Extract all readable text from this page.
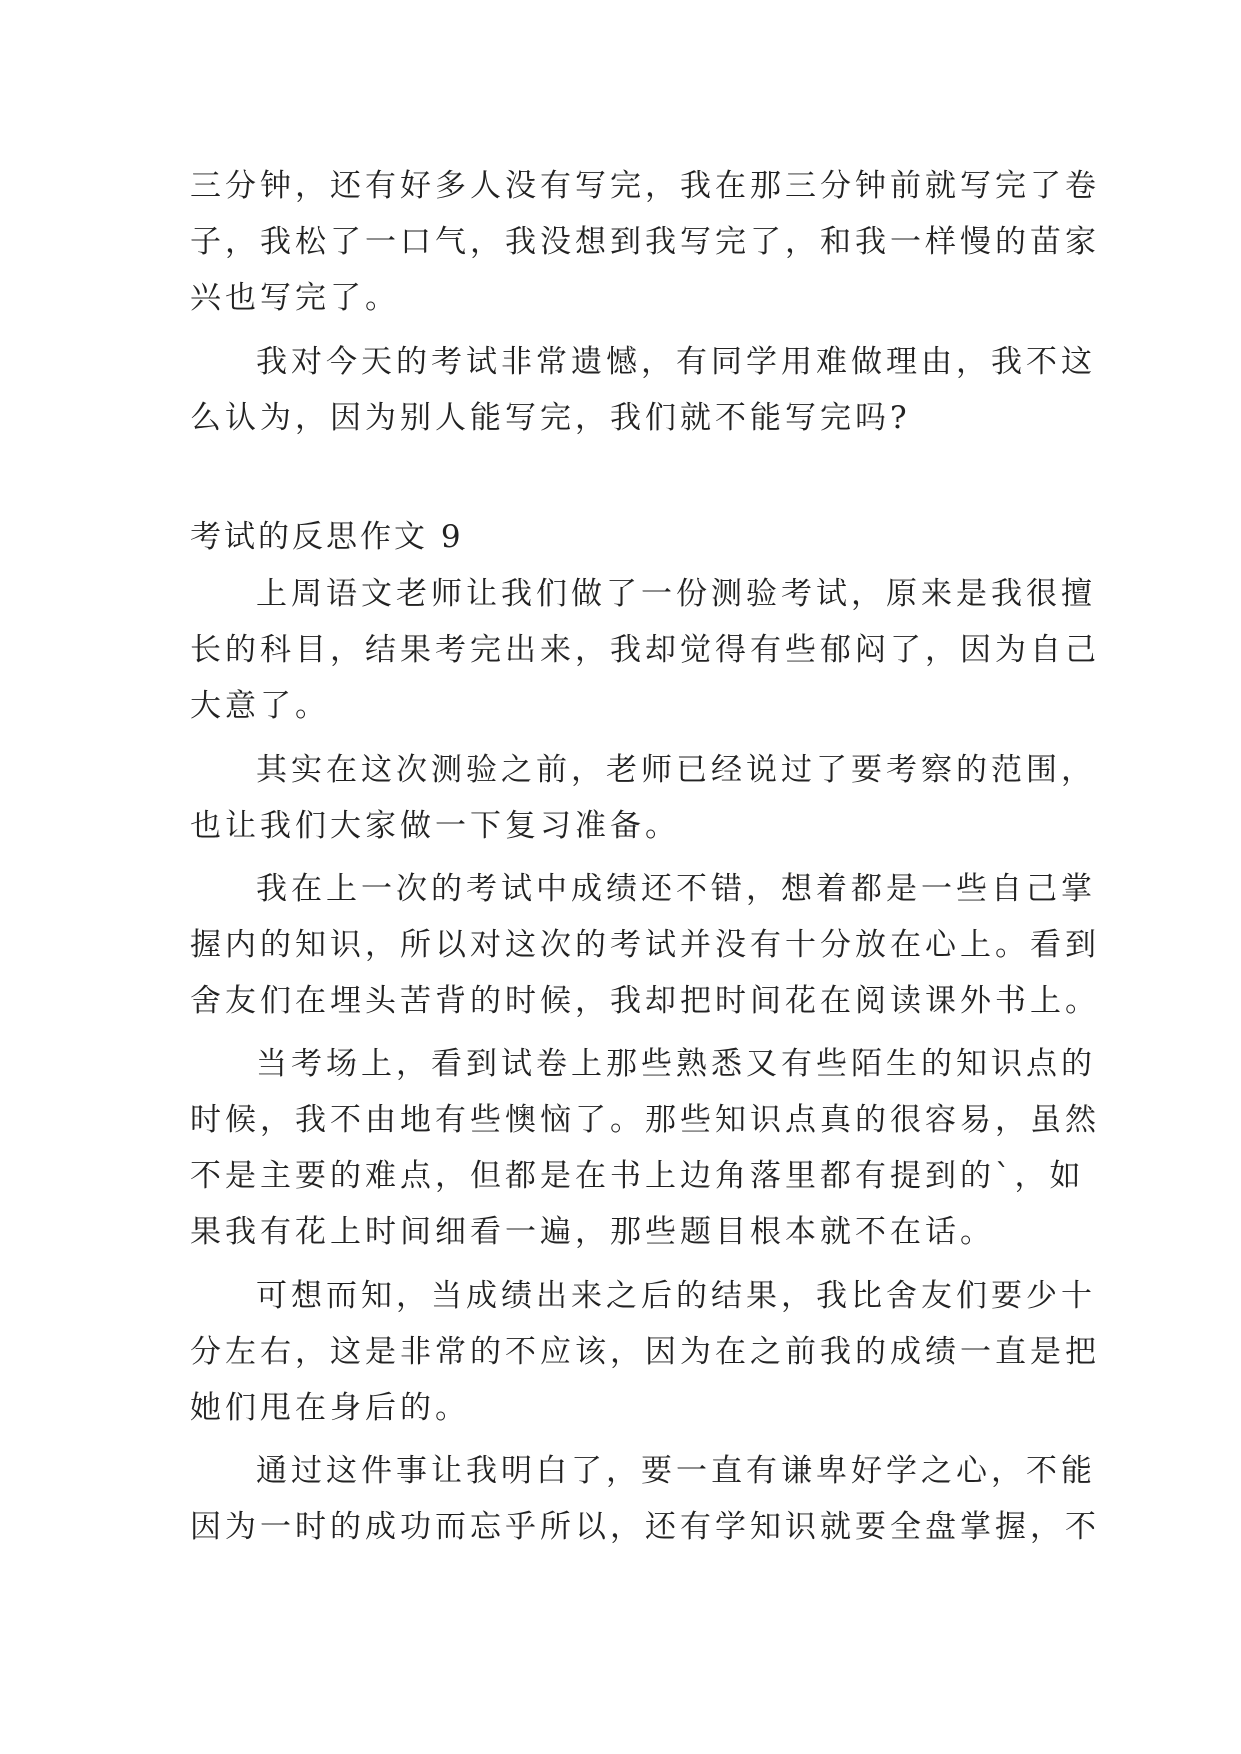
三分钟，还有好多人没有写完，我在那三分钟前就写完了卷
子，我松了一口气，我没想到我写完了，和我一样慢的苗家
兴也写完了。
我对今天的考试非常遗憾，有同学用难做理由，我不这
么认为，因为别人能写完，我们就不能写完吗?
考试的反思作文 9
上周语文老师让我们做了一份测验考试，原来是我很擅
长的科目，结果考完出来，我却觉得有些郁闷了，因为自己
大意了。
其实在这次测验之前，老师已经说过了要考察的范围，
也让我们大家做一下复习准备。
我在上一次的考试中成绩还不错，想着都是一些自己掌
握内的知识，所以对这次的考试并没有十分放在心上。看到
舍友们在埋头苦背的时候，我却把时间花在阅读课外书上。
当考场上，看到试卷上那些熟悉又有些陌生的知识点的
时候，我不由地有些懊恼了。那些知识点真的很容易，虽然
不是主要的难点，但都是在书上边角落里都有提到的`，如
果我有花上时间细看一遍，那些题目根本就不在话。
可想而知，当成绩出来之后的结果，我比舍友们要少十
分左右，这是非常的不应该，因为在之前我的成绩一直是把
她们甩在身后的。
通过这件事让我明白了，要一直有谦卑好学之心，不能
因为一时的成功而忘乎所以，还有学知识就要全盘掌握，不
